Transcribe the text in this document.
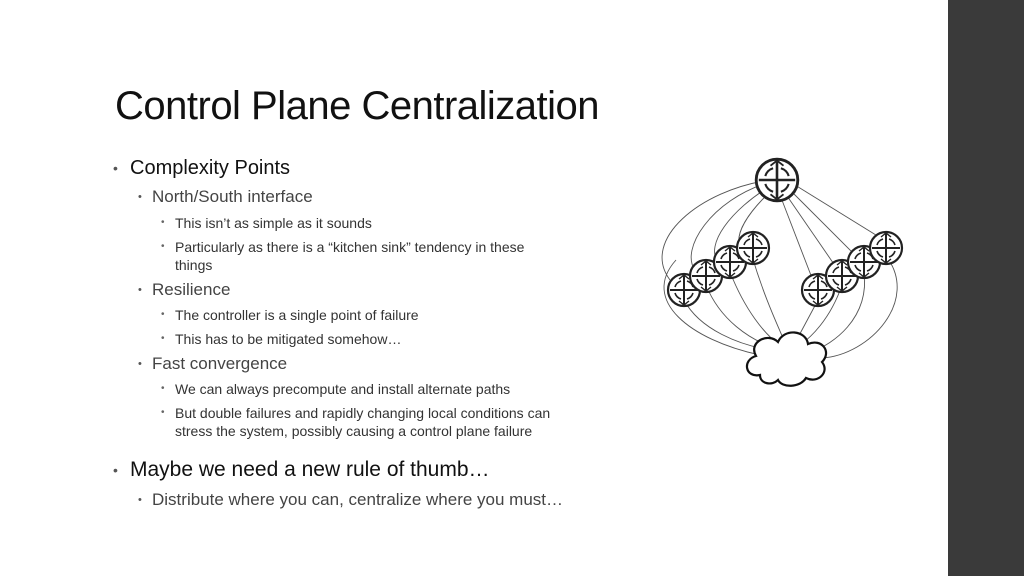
Control Plane Centralization
• Complexity Points
• North/South interface
• This isn’t as simple as it sounds
• Particularly as there is a “kitchen sink” tendency in these
things
• Resilience
• The controller is a single point of failure
• This has to be mitigated somehow…
• Fast convergence
• We can always precompute and install alternate paths
• But double failures and rapidly changing local conditions can
stress the system, possibly causing a control plane failure
• Maybe we need a new rule of thumb…
• Distribute where you can, centralize where you must…
